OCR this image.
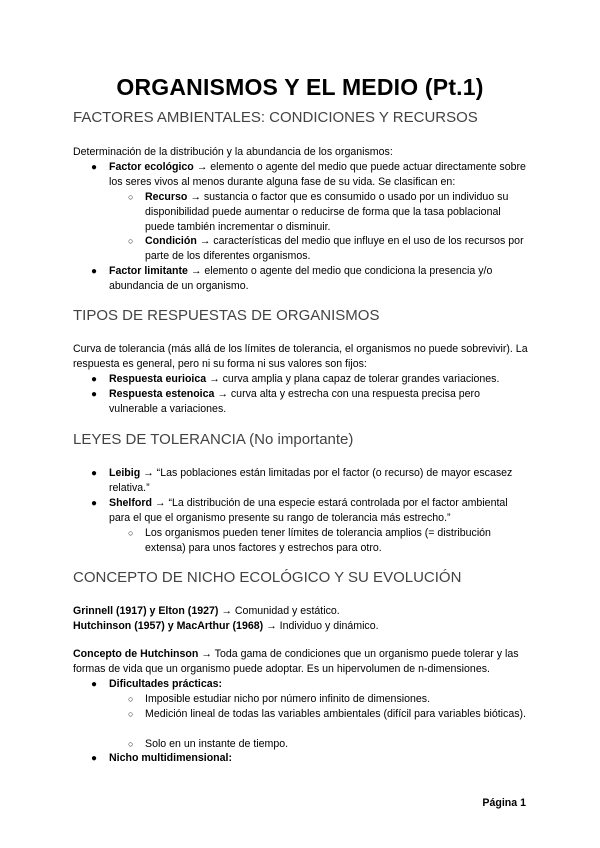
ORGANISMOS Y EL MEDIO (Pt.1)
FACTORES AMBIENTALES: CONDICIONES Y RECURSOS

Determinación de la distribución y la abundancia de los organismos:

● Factor ecológico → elemento o agente del medio que puede actuar directamente sobre los seres vivos al menos durante alguna fase de su vida. Se clasifican en:
○ Recurso → sustancia o factor que es consumido o usado por un individuo su disponibilidad puede aumentar o reducirse de forma que la tasa poblacional puede también incrementar o disminuir.
○ Condición → características del medio que influye en el uso de los recursos por parte de los diferentes organismos.
● Factor limitante → elemento o agente del medio que condiciona la presencia y/o abundancia de un organismo.
TIPOS DE RESPUESTAS DE ORGANISMOS

Curva de tolerancia (más allá de los límites de tolerancia, el organismos no puede sobrevivir). La respuesta es general, pero ni su forma ni sus valores son fijos:

● Respuesta eurioica → curva amplia y plana capaz de tolerar grandes variaciones.
● Respuesta estenoica → curva alta y estrecha con una respuesta precisa pero vulnerable a variaciones.
LEYES DE TOLERANCIA (No importante)
● Leibig → “Las poblaciones están limitadas por el factor (o recurso) de mayor escasez relativa.”
● Shelford → “La distribución de una especie estará controlada por el factor ambiental para el que el organismo presente su rango de tolerancia más estrecho.”
○ Los organismos pueden tener límites de tolerancia amplios (= distribución extensa) para unos factores y estrechos para otro.
CONCEPTO DE NICHO ECOLÓGICO Y SU EVOLUCIÓN

Grinnell (1917) y Elton (1927) → Comunidad y estático.

Hutchinson (1957) y MacArthur (1968) → Individuo y dinámico.

Concepto de Hutchinson → Toda gama de condiciones que un organismo puede tolerar y las formas de vida que un organismo puede adoptar. Es un hipervolumen de n-dimensiones.

● Dificultades prácticas:
○ Imposible estudiar nicho por número infinito de dimensiones.
○ Medición lineal de todas las variables ambientales (difícil para variables bióticas).
○ Solo en un instante de tiempo.
● Nicho multidimensional:
Página 1
